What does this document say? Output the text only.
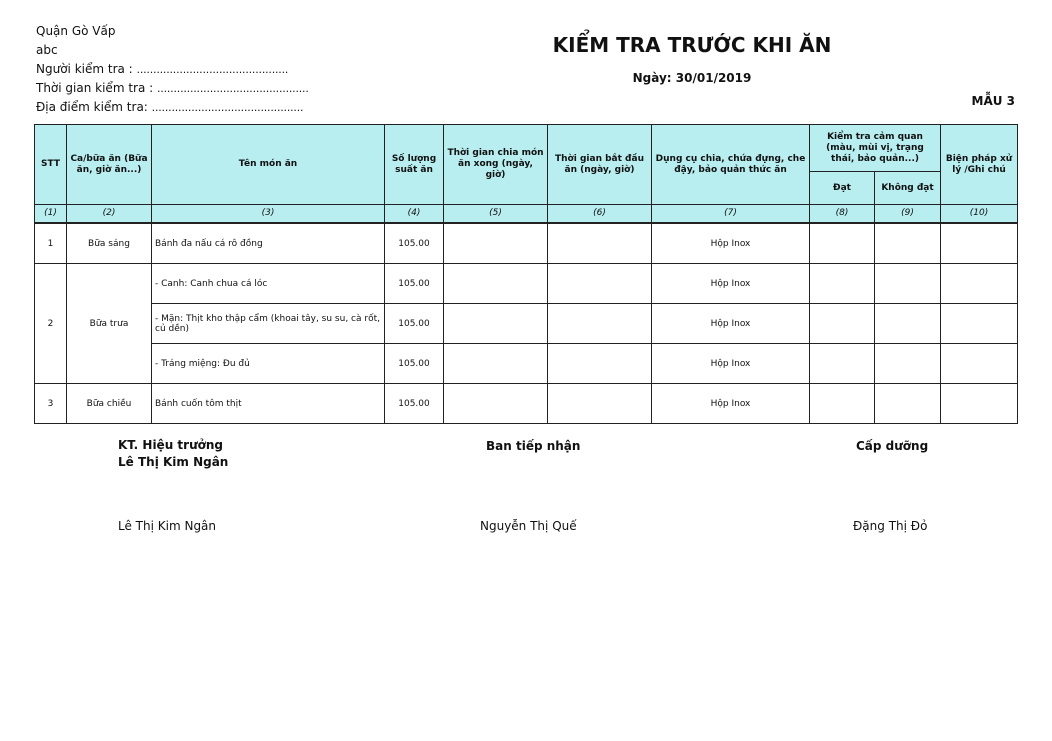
Quận Gò Vấp
abc
Người kiểm tra : ..............................................
Thời gian kiểm tra : ..............................................
Địa điểm kiểm tra: ..............................................
KIỂM TRA TRƯỚC KHI ĂN
Ngày: 30/01/2019
MẪU 3
STT	Ca/bữa ăn (Bữa ăn, giờ ăn...)	Tên món ăn	Số lượng suất ăn	Thời gian chia món ăn xong (ngày, giờ)	Thời gian bắt đầu ăn (ngày, giờ)	Dụng cụ chia, chứa đựng, che đậy, bảo quản thức ăn	Kiểm tra cảm quan (màu, mùi vị, trạng thái, bảo quản...)		Biện pháp xử lý /Ghi chú
							Đạt	Không đạt	
(1)	(2)	(3)	(4)	(5)	(6)	(7)	(8)	(9)	(10)
1	Bữa sáng	Bánh đa nấu cá rô đồng	105.00			Hộp Inox			
2	Bữa trưa	- Canh: Canh chua cá lóc	105.00			Hộp Inox			
		- Mặn: Thịt kho thập cẩm (khoai tây, su su, cà rốt, củ dền)	105.00			Hộp Inox			
		- Tráng miệng: Đu đủ	105.00			Hộp Inox			
3	Bữa chiều	Bánh cuốn tôm thịt	105.00			Hộp Inox			
KT. Hiệu trưởng
Lê Thị Kim Ngân
Ban tiếp nhận	Cấp dưỡng
Lê Thị Kim Ngân	Nguyễn Thị Quế	Đặng Thị Đỏ
